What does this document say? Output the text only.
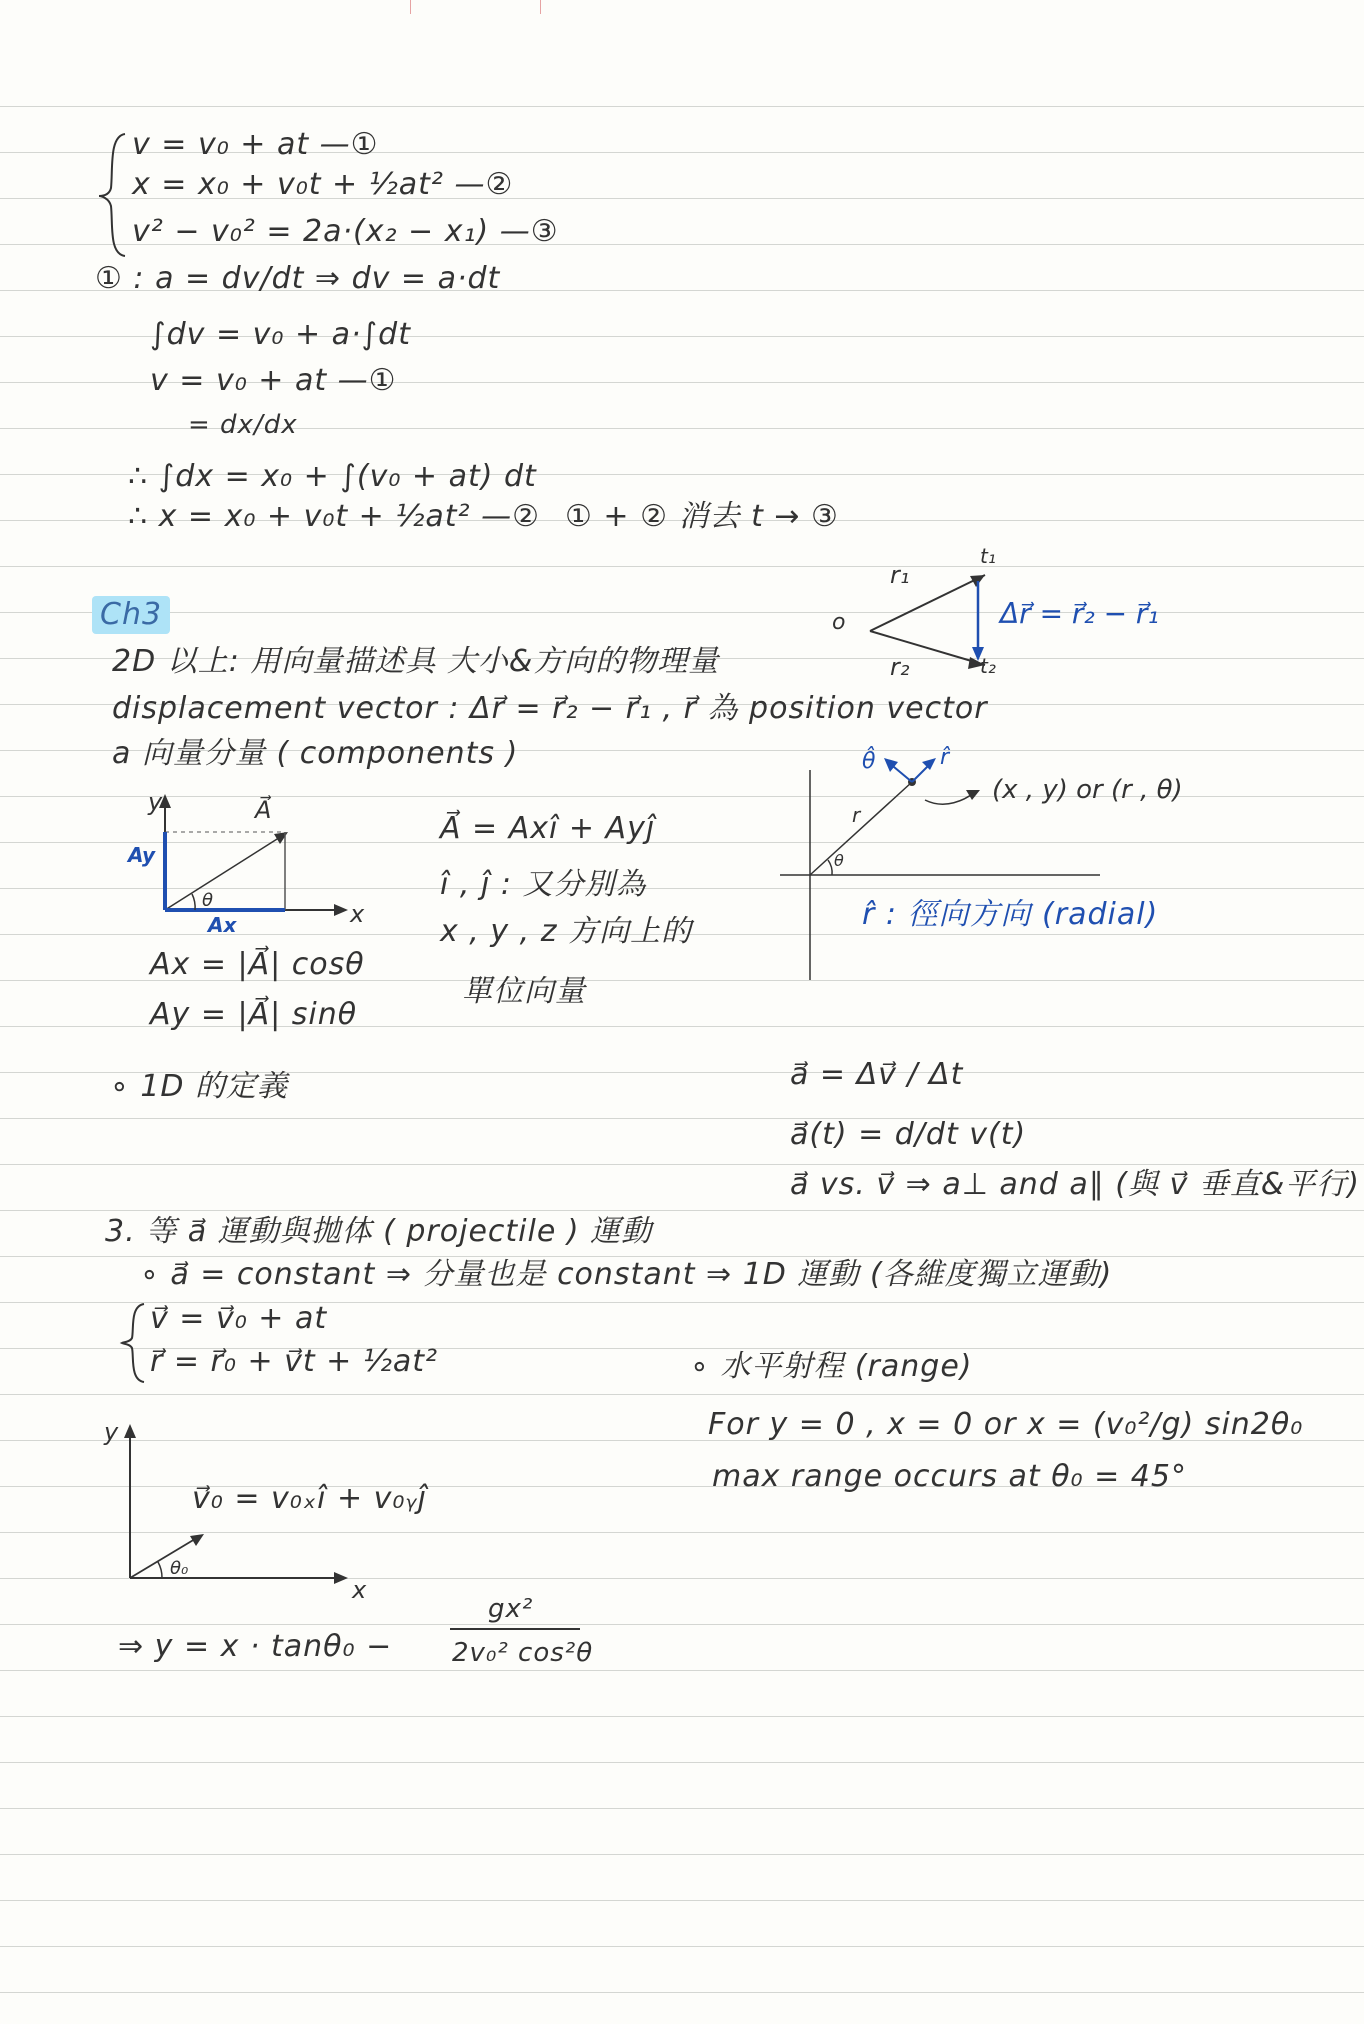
v = v₀ + at —①
x = x₀ + v₀t + ½at² —②
v² − v₀² = 2a·(x₂ − x₁) —③
① : a = dv/dt ⇒ dv = a·dt
∫dv = v₀ + a·∫dt
v = v₀ + at —①
= dx/dx
∴ ∫dx = x₀ + ∫(v₀ + at) dt
∴ x = x₀ + v₀t + ½at² —② ① + ② 消去 t → ③
Ch3
2D 以上: 用向量描述具 大小&方向的物理量
displacement vector : Δr⃗ = r⃗₂ − r⃗₁ , r⃗ 為 position vector
a 向量分量 ( components )
r₁
r₂
t₁
t₂
o	Δr⃗ = r⃗₂ − r⃗₁
y
x
A⃗
Ay
Ax
θ
A⃗ = Axî + Ayĵ
î , ĵ : 又分別為
x , y , z 方向上的
單位向量
Ax = |A⃗| cosθ
Ay = |A⃗| sinθ
θ̂	r̂
(x , y) or (r , θ)
r
θ
r̂ : 徑向方向 (radial)
∘ 1D 的定義	a⃗ = Δv⃗ / Δt
a⃗(t) = d/dt v(t)
a⃗ vs. v⃗ ⇒ a⊥ and a∥ (與 v⃗ 垂直&平行)
3. 等 a⃗ 運動與拋体 ( projectile ) 運動
∘ a⃗ = constant ⇒ 分量也是 constant ⇒ 1D 運動 (各維度獨立運動)
v⃗ = v⃗₀ + at
r⃗ = r⃗₀ + v⃗t + ½at²
y
x
θ₀
v⃗₀ = v₀ₓî + v₀ᵧĵ
⇒ y = x · tanθ₀ −
gx²
2v₀² cos²θ
∘ 水平射程 (range)
For y = 0 , x = 0 or x = (v₀²/g) sin2θ₀
max range occurs at θ₀ = 45°
